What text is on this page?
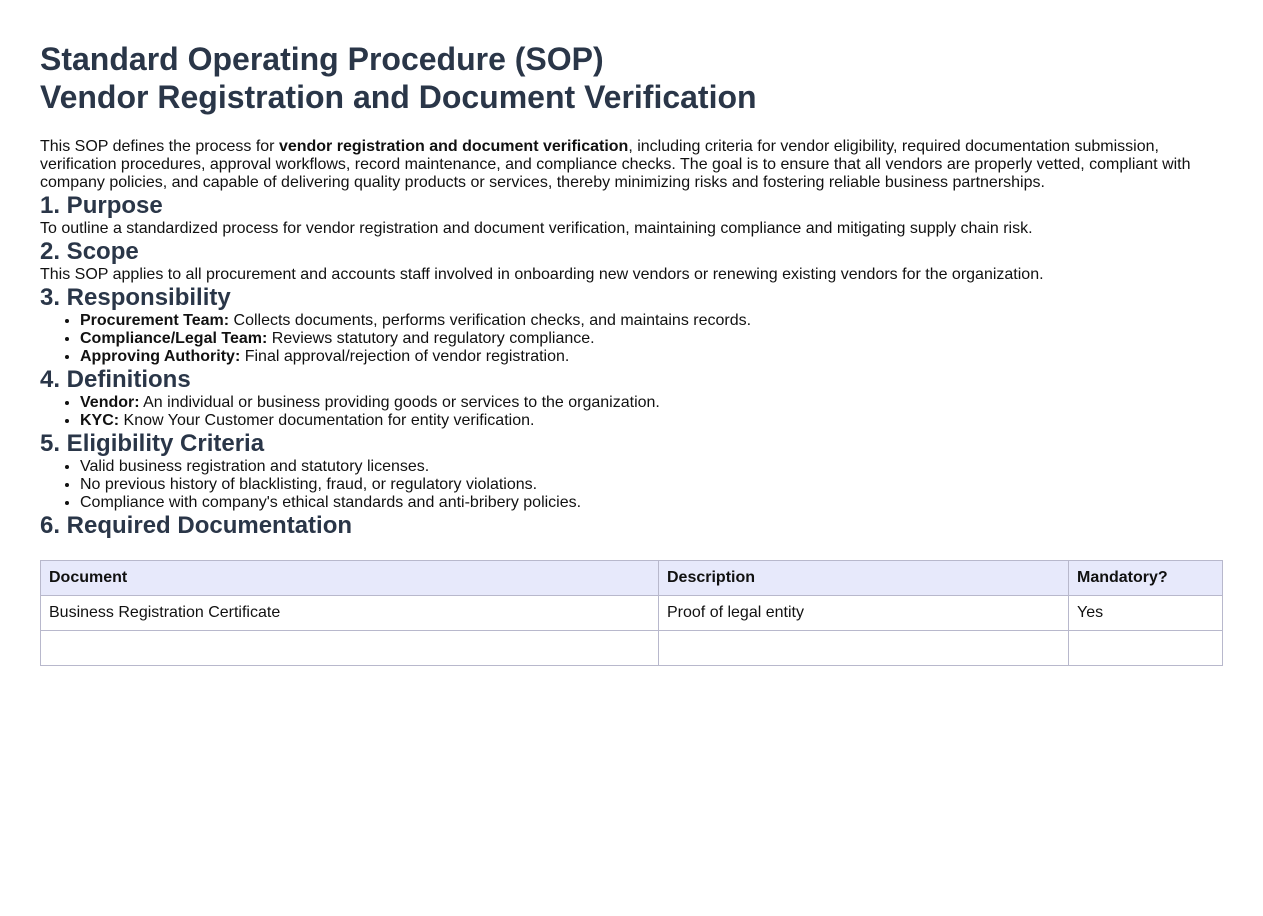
Standard Operating Procedure (SOP)
Vendor Registration and Document Verification

This SOP defines the process for vendor registration and document verification, including criteria for vendor eligibility, required documentation submission, verification procedures, approval workflows, record maintenance, and compliance checks. The goal is to ensure that all vendors are properly vetted, compliant with company policies, and capable of delivering quality products or services, thereby minimizing risks and fostering reliable business partnerships.

1. Purpose

To outline a standardized process for vendor registration and document verification, maintaining compliance and mitigating supply chain risk.

2. Scope

This SOP applies to all procurement and accounts staff involved in onboarding new vendors or renewing existing vendors for the organization.

3. Responsibility
• Procurement Team: Collects documents, performs verification checks, and maintains records.
• Compliance/Legal Team: Reviews statutory and regulatory compliance.
• Approving Authority: Final approval/rejection of vendor registration.
4. Definitions
• Vendor: An individual or business providing goods or services to the organization.
• KYC: Know Your Customer documentation for entity verification.
5. Eligibility Criteria
• Valid business registration and statutory licenses.
• No previous history of blacklisting, fraud, or regulatory violations.
• Compliance with company's ethical standards and anti-bribery policies.
6. Required Documentation
Document	Description	Mandatory?
Business Registration Certificate	Proof of legal entity	Yes
